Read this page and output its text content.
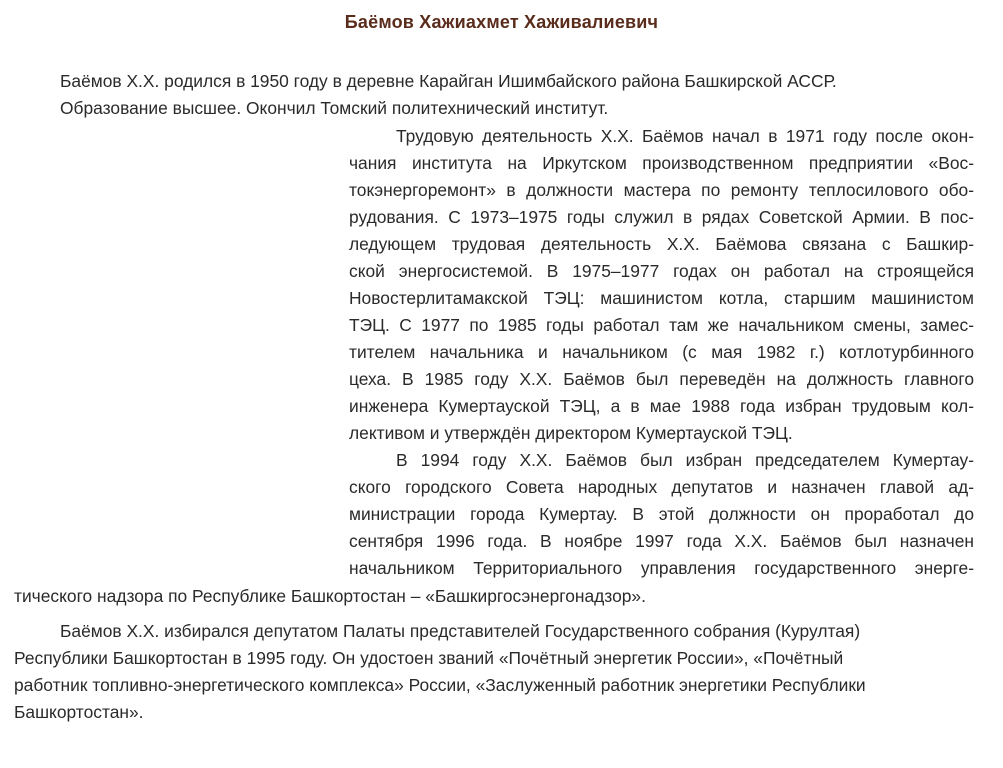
Баёмов Хажиахмет Хаживалиевич
Баёмов Х.Х. родился в 1950 году в деревне Карайган Ишимбайского района Башкирской АССР.
Образование высшее. Окончил Томский политехнический институт.
Трудовую деятельность Х.Х. Баёмов начал в 1971 году после окон-
чания института на Иркутском производственном предприятии «Вос-
токэнергоремонт» в должности мастера по ремонту теплосилового обо-
рудования. С 1973–1975 годы служил в рядах Советской Армии. В пос-
ледующем трудовая деятельность Х.Х. Баёмова связана с Башкир-
ской энергосистемой. В 1975–1977 годах он работал на строящейся
Новостерлитамакской ТЭЦ: машинистом котла, старшим машинистом
ТЭЦ. С 1977 по 1985 годы работал там же начальником смены, замес-
тителем начальника и начальником (с мая 1982 г.) котлотурбинного
цеха. В 1985 году Х.Х. Баёмов был переведён на должность главного
инженера Кумертауской ТЭЦ, а в мае 1988 года избран трудовым кол-
лективом и утверждён директором Кумертауской ТЭЦ.
В 1994 году Х.Х. Баёмов был избран председателем Кумертау-
ского городского Совета народных депутатов и назначен главой ад-
министрации города Кумертау. В этой должности он проработал до
сентября 1996 года. В ноябре 1997 года Х.Х. Баёмов был назначен
начальником Территориального управления государственного энерге-
тического надзора по Республике Башкортостан – «Башкиргосэнергонадзор».
Баёмов Х.Х. избирался депутатом Палаты представителей Государственного собрания (Курултая)
Республики Башкортостан в 1995 году. Он удостоен званий «Почётный энергетик России», «Почётный
работник топливно-энергетического комплекса» России, «Заслуженный работник энергетики Республики
Башкортостан».
